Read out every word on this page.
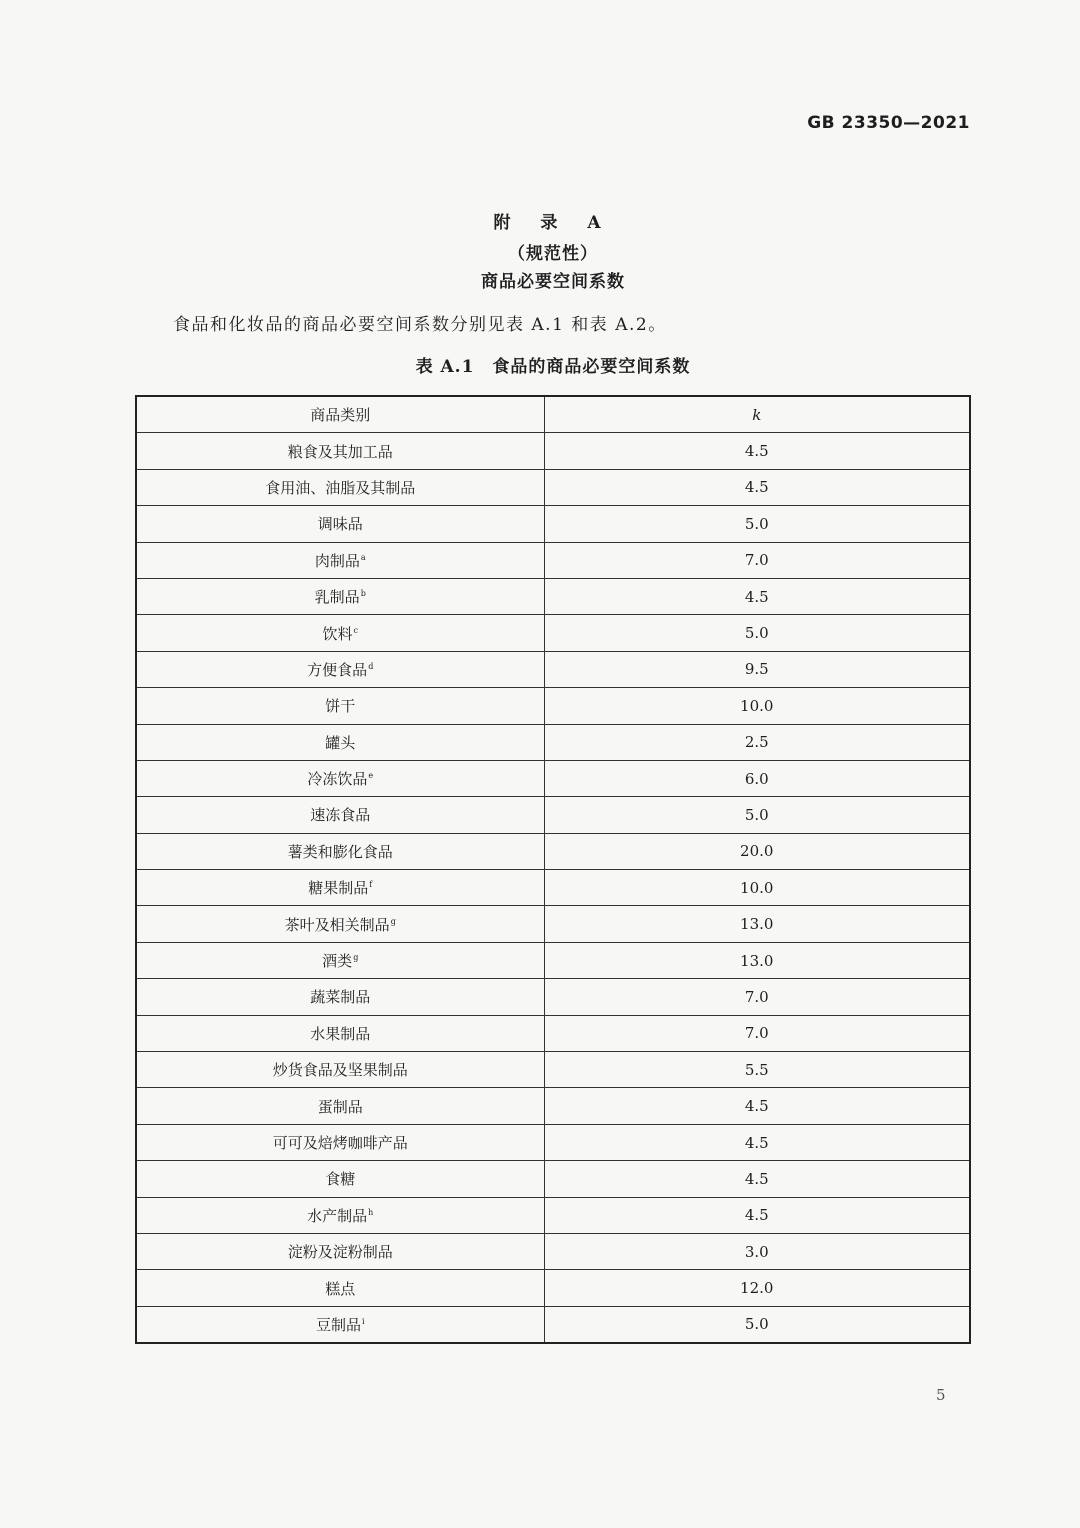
GB 23350—2021
附 录 A
（规范性）
商品必要空间系数
食品和化妆品的商品必要空间系数分别见表 A.1 和表 A.2。
表 A.1　食品的商品必要空间系数
商品类别	k
粮食及其加工品	4.5
食用油、油脂及其制品	4.5
调味品	5.0
肉制品$^a$	7.0
乳制品$^b$	4.5
饮料$^c$	5.0
方便食品$^d$	9.5
饼干	10.0
罐头	2.5
冷冻饮品$^e$	6.0
速冻食品	5.0
薯类和膨化食品	20.0
糖果制品$^f$	10.0
茶叶及相关制品$^g$	13.0
酒类$^g$	13.0
蔬菜制品	7.0
水果制品	7.0
炒货食品及坚果制品	5.5
蛋制品	4.5
可可及焙烤咖啡产品	4.5
食糖	4.5
水产制品$^h$	4.5
淀粉及淀粉制品	3.0
糕点	12.0
豆制品$^i$	5.0
5
